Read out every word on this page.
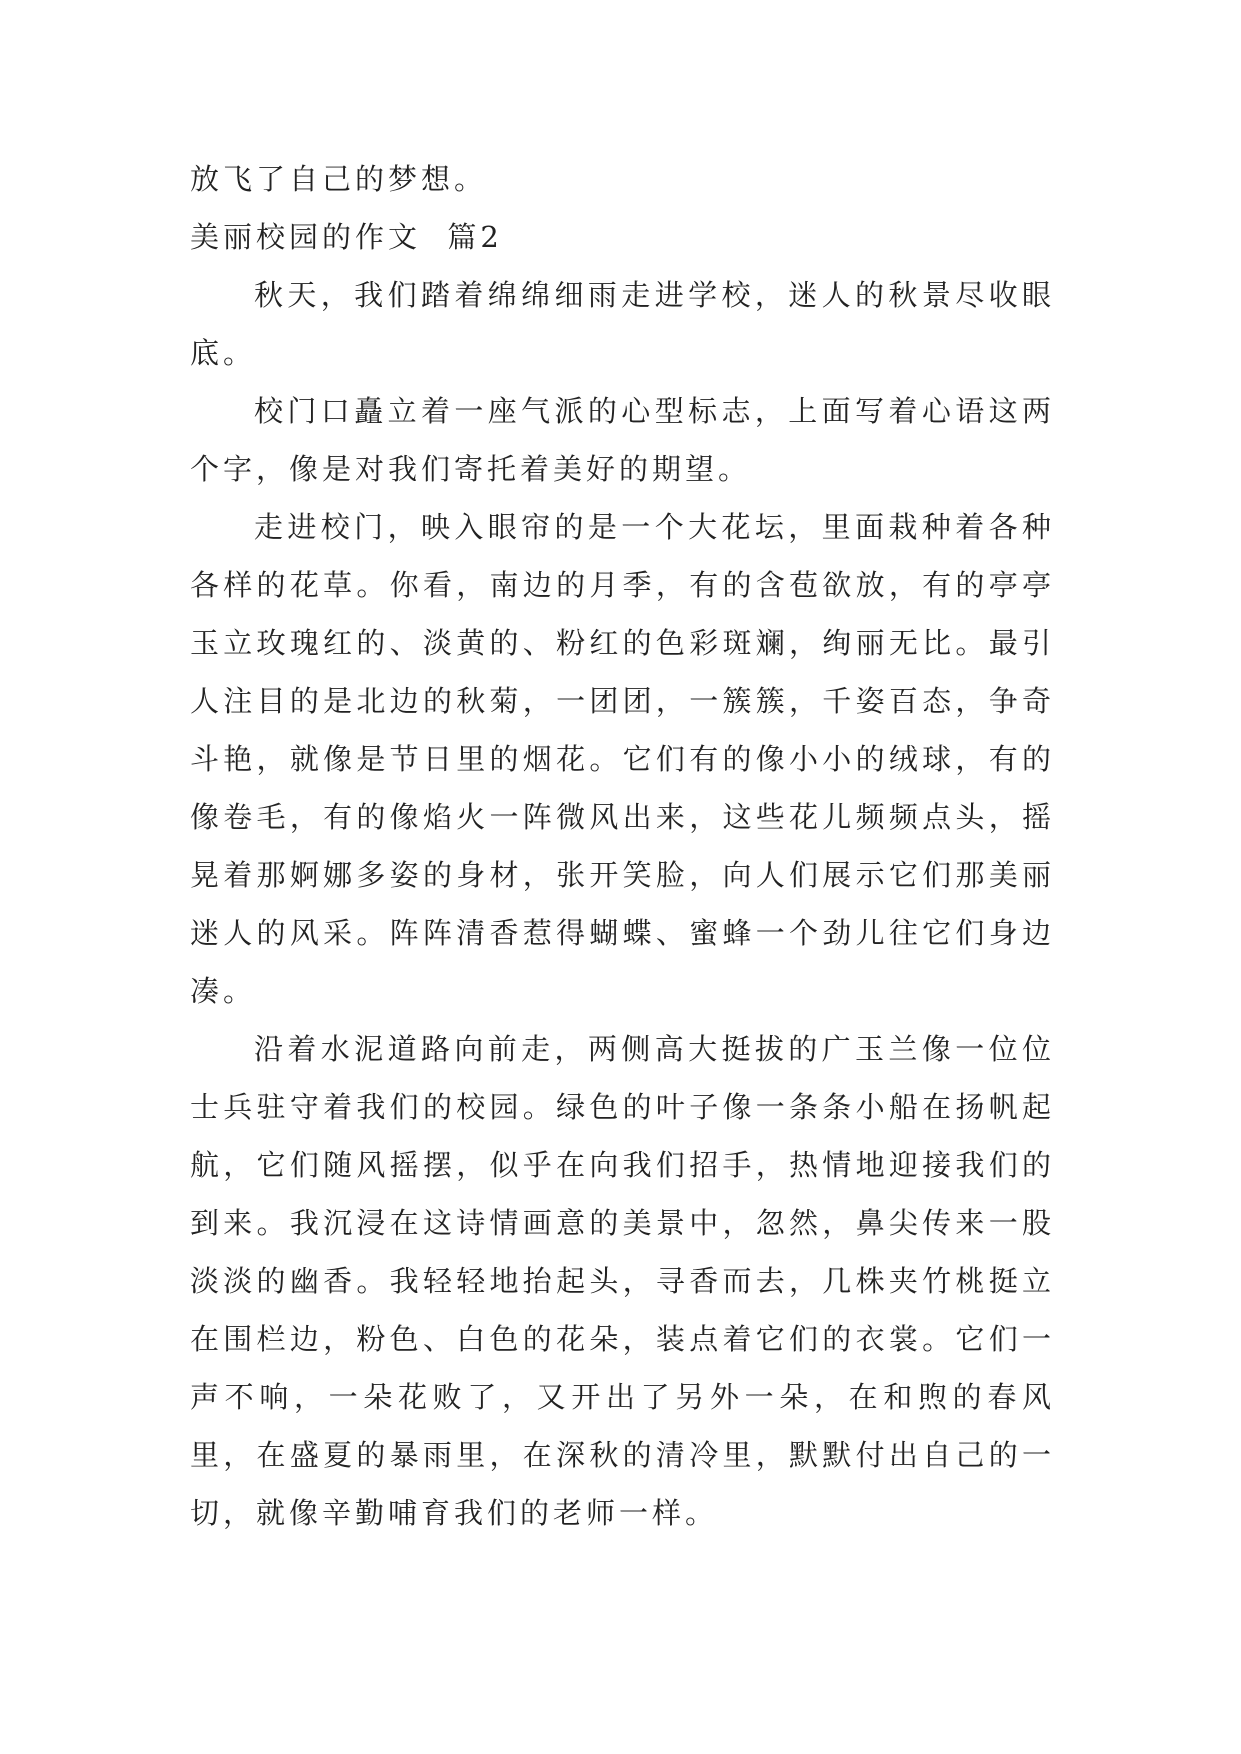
放飞了自己的梦想。
美丽校园的作文  篇2

秋天，我们踏着绵绵细雨走进学校，迷人的秋景尽收眼底。

校门口矗立着一座气派的心型标志，上面写着心语这两个字，像是对我们寄托着美好的期望。

走进校门，映入眼帘的是一个大花坛，里面栽种着各种各样的花草。你看，南边的月季，有的含苞欲放，有的亭亭玉立玫瑰红的、淡黄的、粉红的色彩斑斓，绚丽无比。最引人注目的是北边的秋菊，一团团，一簇簇，千姿百态，争奇斗艳，就像是节日里的烟花。它们有的像小小的绒球，有的像卷毛，有的像焰火一阵微风出来，这些花儿频频点头，摇晃着那婀娜多姿的身材，张开笑脸，向人们展示它们那美丽迷人的风采。阵阵清香惹得蝴蝶、蜜蜂一个劲儿往它们身边凑。

沿着水泥道路向前走，两侧高大挺拔的广玉兰像一位位士兵驻守着我们的校园。绿色的叶子像一条条小船在扬帆起航，它们随风摇摆，似乎在向我们招手，热情地迎接我们的到来。我沉浸在这诗情画意的美景中，忽然，鼻尖传来一股淡淡的幽香。我轻轻地抬起头，寻香而去，几株夹竹桃挺立在围栏边，粉色、白色的花朵，装点着它们的衣裳。它们一声不响，一朵花败了，又开出了另外一朵，在和煦的春风里，在盛夏的暴雨里，在深秋的清冷里，默默付出自己的一切，就像辛勤哺育我们的老师一样。
